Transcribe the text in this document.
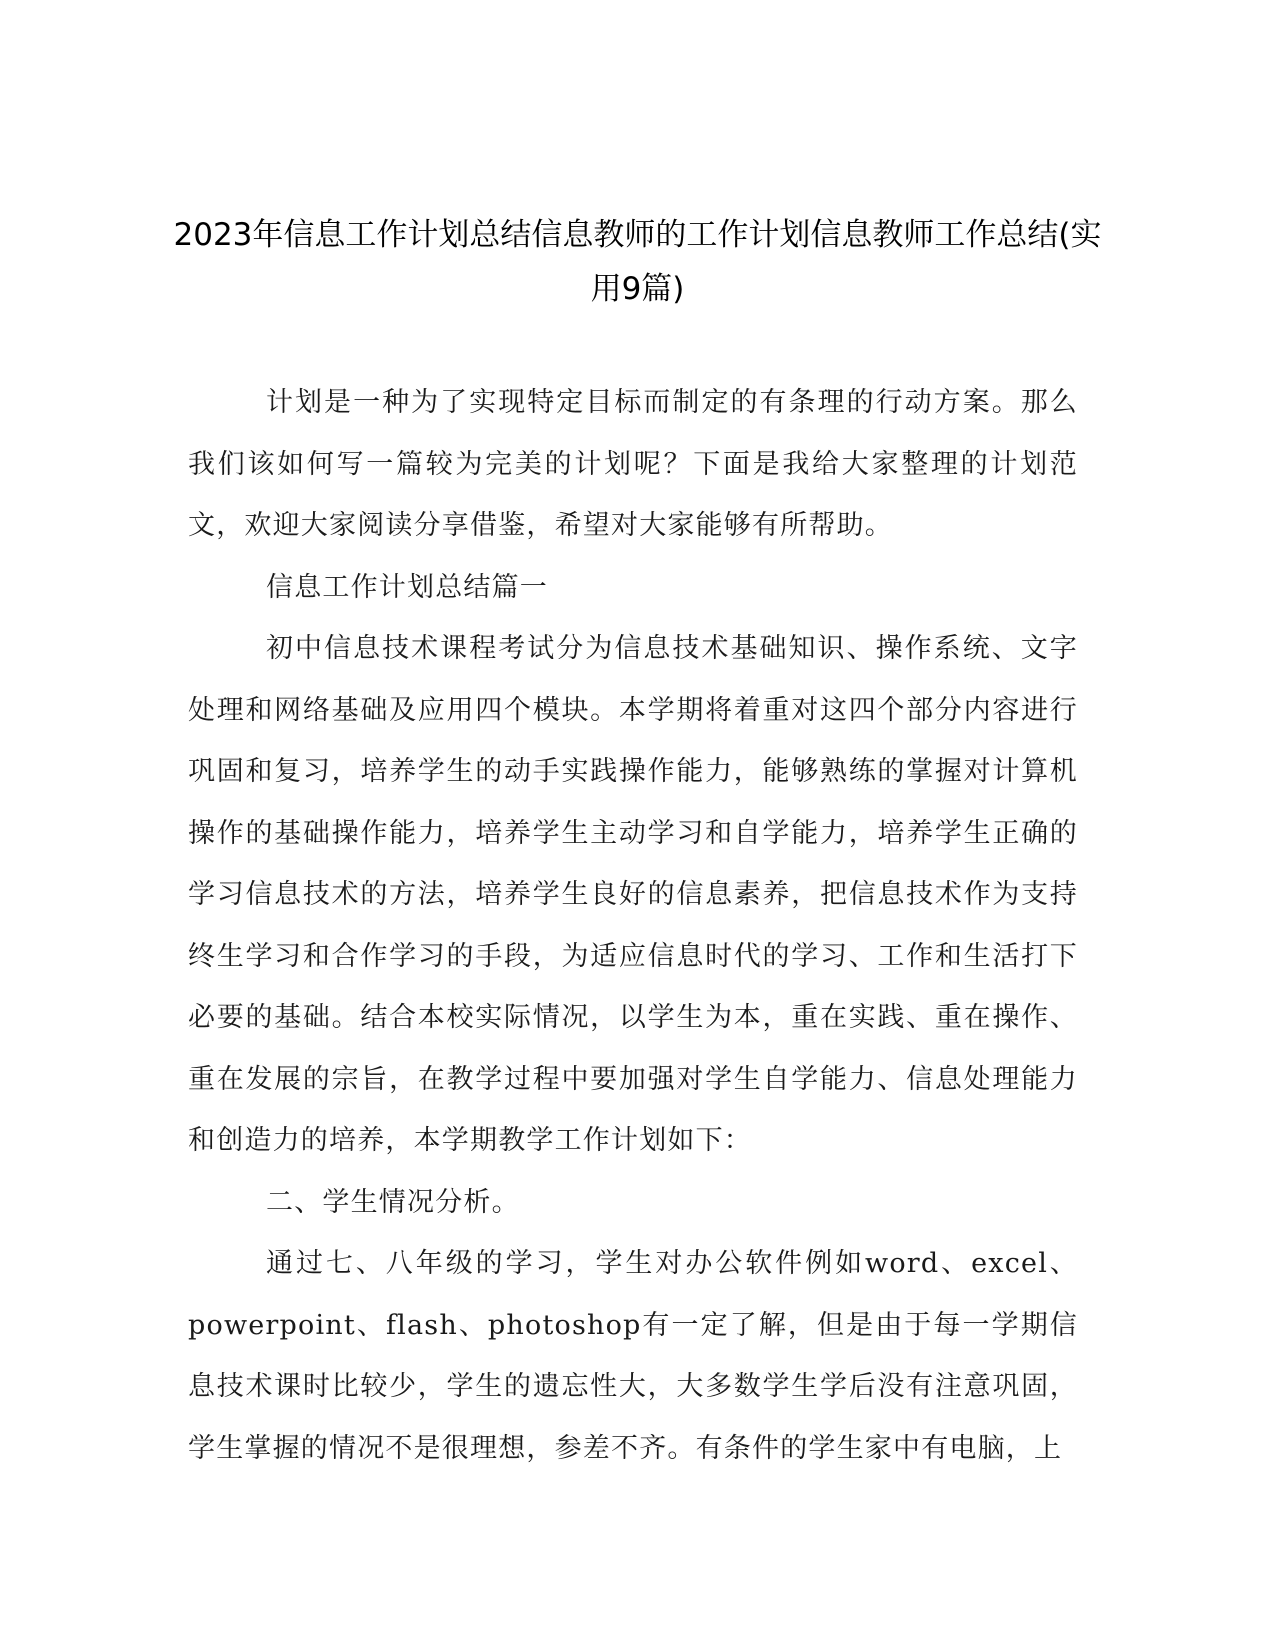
2023年信息工作计划总结信息教师的工作计划信息教师工作总结(实用9篇)

计划是一种为了实现特定目标而制定的有条理的行动方案。那么我们该如何写一篇较为完美的计划呢？下面是我给大家整理的计划范文，欢迎大家阅读分享借鉴，希望对大家能够有所帮助。

信息工作计划总结篇一

初中信息技术课程考试分为信息技术基础知识、操作系统、文字处理和网络基础及应用四个模块。本学期将着重对这四个部分内容进行巩固和复习，培养学生的动手实践操作能力，能够熟练的掌握对计算机操作的基础操作能力，培养学生主动学习和自学能力，培养学生正确的学习信息技术的方法，培养学生良好的信息素养，把信息技术作为支持终生学习和合作学习的手段，为适应信息时代的学习、工作和生活打下必要的基础。结合本校实际情况，以学生为本，重在实践、重在操作、重在发展的宗旨，在教学过程中要加强对学生自学能力、信息处理能力和创造力的培养，本学期教学工作计划如下：

二、学生情况分析。

通过七、八年级的学习，学生对办公软件例如word、excel、powerpoint、flash、photoshop有一定了解，但是由于每一学期信息技术课时比较少，学生的遗忘性大，大多数学生学后没有注意巩固，学生掌握的情况不是很理想，参差不齐。有条件的学生家中有电脑，上
